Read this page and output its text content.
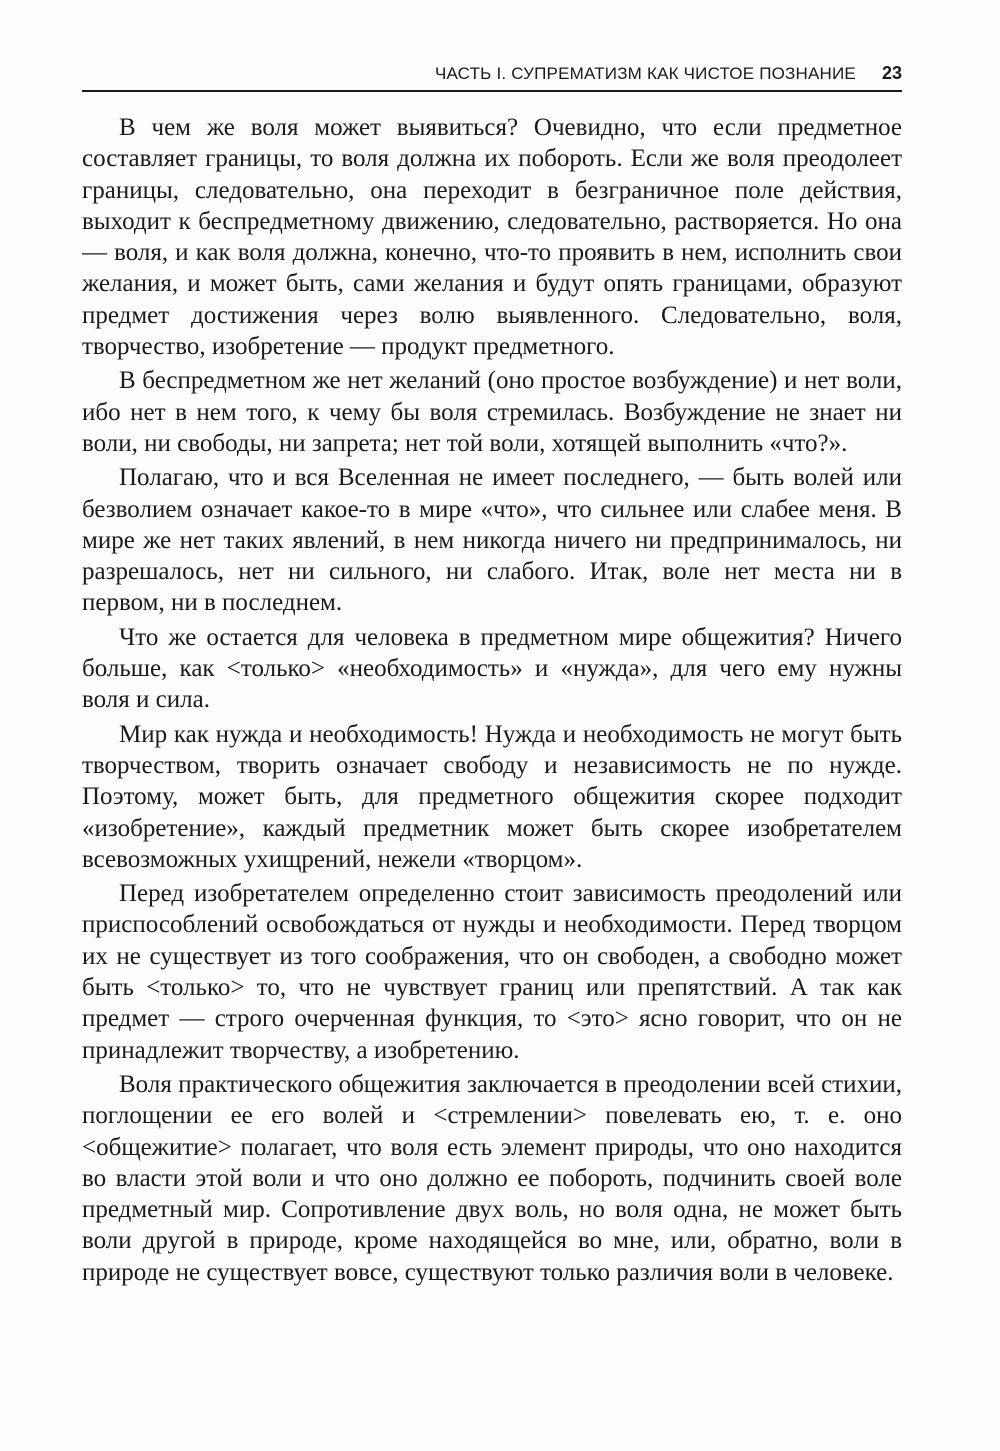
ЧАСТЬ I. СУПРЕМАТИЗМ КАК ЧИСТОЕ ПОЗНАНИЕ 23

В чем же воля может выявиться? Очевидно, что если предметное составляет границы, то воля должна их побороть. Если же воля преодолеет границы, следовательно, она переходит в безграничное поле действия, выходит к беспредметному движению, следовательно, растворяется. Но она — воля, и как воля должна, конечно, что-то проявить в нем, исполнить свои желания, и может быть, сами желания и будут опять границами, образуют предмет достижения через волю выявленного. Следовательно, воля, творчество, изобретение — продукт предметного.

В беспредметном же нет желаний (оно простое возбуждение) и нет воли, ибо нет в нем того, к чему бы воля стремилась. Возбуждение не знает ни воли, ни свободы, ни запрета; нет той воли, хотящей выполнить «что?».

Полагаю, что и вся Вселенная не имеет последнего, — быть волей или безволием означает какое-то в мире «что», что сильнее или слабее меня. В мире же нет таких явлений, в нем никогда ничего ни предпринималось, ни разрешалось, нет ни сильного, ни слабого. Итак, воле нет места ни в первом, ни в последнем.

Что же остается для человека в предметном мире общежития? Ничего больше, как <только> «необходимость» и «нужда», для чего ему нужны воля и сила.

Мир как нужда и необходимость! Нужда и необходимость не могут быть творчеством, творить означает свободу и независимость не по нужде. Поэтому, может быть, для предметного общежития скорее подходит «изобретение», каждый предметник может быть скорее изобретателем всевозможных ухищрений, нежели «творцом».

Перед изобретателем определенно стоит зависимость преодолений или приспособлений освобождаться от нужды и необходимости. Перед творцом их не существует из того соображения, что он свободен, а свободно может быть <только> то, что не чувствует границ или препятствий. А так как предмет — строго очерченная функция, то <это> ясно говорит, что он не принадлежит творчеству, а изобретению.

Воля практического общежития заключается в преодолении всей стихии, поглощении ее его волей и <стремлении> повелевать ею, т. е. оно <общежитие> полагает, что воля есть элемент природы, что оно находится во власти этой воли и что оно должно ее побороть, подчинить своей воле предметный мир. Сопротивление двух воль, но воля одна, не может быть воли другой в природе, кроме находящейся во мне, или, обратно, воли в природе не существует вовсе, существуют только различия воли в человеке.
